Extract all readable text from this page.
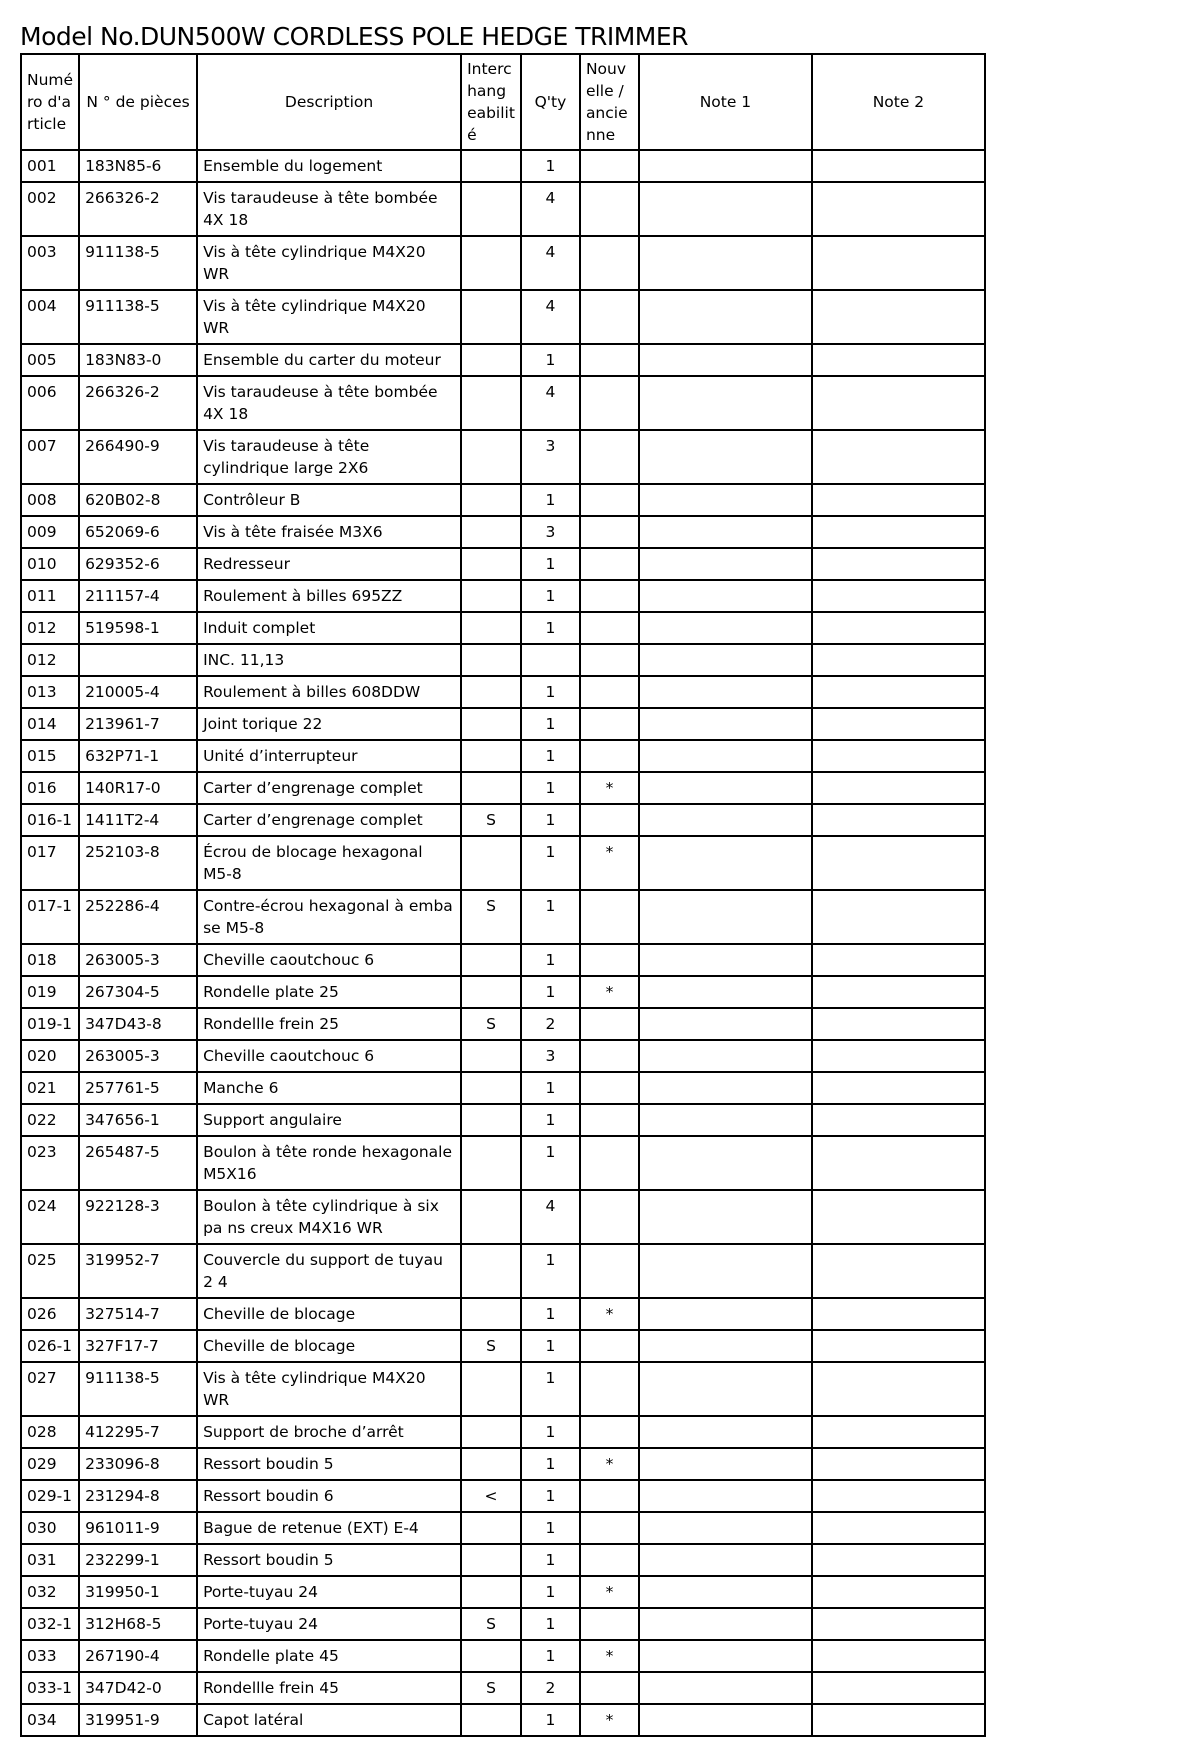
Model No.DUN500W CORDLESS POLE HEDGE TRIMMER
Numé ro d'a rticle	N ° de pièces	Description	Interc hang eabilit é	Q'ty	Nouv elle / ancie nne	Note 1	Note 2
001	183N85-6	Ensemble du logement		1			
002	266326-2	Vis taraudeuse à tête bombée 4X 18		4			
003	911138-5	Vis à tête cylindrique M4X20 WR		4			
004	911138-5	Vis à tête cylindrique M4X20 WR		4			
005	183N83-0	Ensemble du carter du moteur		1			
006	266326-2	Vis taraudeuse à tête bombée 4X 18		4			
007	266490-9	Vis taraudeuse à tête cylindrique large 2X6		3			
008	620B02-8	Contrôleur B		1			
009	652069-6	Vis à tête fraisée M3X6		3			
010	629352-6	Redresseur		1			
011	211157-4	Roulement à billes 695ZZ		1			
012	519598-1	Induit complet		1			
012		INC. 11,13					
013	210005-4	Roulement à billes 608DDW		1			
014	213961-7	Joint torique 22		1			
015	632P71-1	Unité d’interrupteur		1			
016	140R17-0	Carter d’engrenage complet		1	*		
016-1	1411T2-4	Carter d’engrenage complet	S	1			
017	252103-8	Écrou de blocage hexagonal M5-8		1	*		
017-1	252286-4	Contre-écrou hexagonal à emba se M5-8	S	1			
018	263005-3	Cheville caoutchouc 6		1			
019	267304-5	Rondelle plate 25		1	*		
019-1	347D43-8	Rondellle frein 25	S	2			
020	263005-3	Cheville caoutchouc 6		3			
021	257761-5	Manche 6		1			
022	347656-1	Support angulaire		1			
023	265487-5	Boulon à tête ronde hexagonale M5X16		1			
024	922128-3	Boulon à tête cylindrique à six pa ns creux M4X16 WR		4			
025	319952-7	Couvercle du support de tuyau 2 4		1			
026	327514-7	Cheville de blocage		1	*		
026-1	327F17-7	Cheville de blocage	S	1			
027	911138-5	Vis à tête cylindrique M4X20 WR		1			
028	412295-7	Support de broche d’arrêt		1			
029	233096-8	Ressort boudin 5		1	*		
029-1	231294-8	Ressort boudin 6	<	1			
030	961011-9	Bague de retenue (EXT) E-4		1			
031	232299-1	Ressort boudin 5		1			
032	319950-1	Porte-tuyau 24		1	*		
032-1	312H68-5	Porte-tuyau 24	S	1			
033	267190-4	Rondelle plate 45		1	*		
033-1	347D42-0	Rondellle frein 45	S	2			
034	319951-9	Capot latéral		1	*		
